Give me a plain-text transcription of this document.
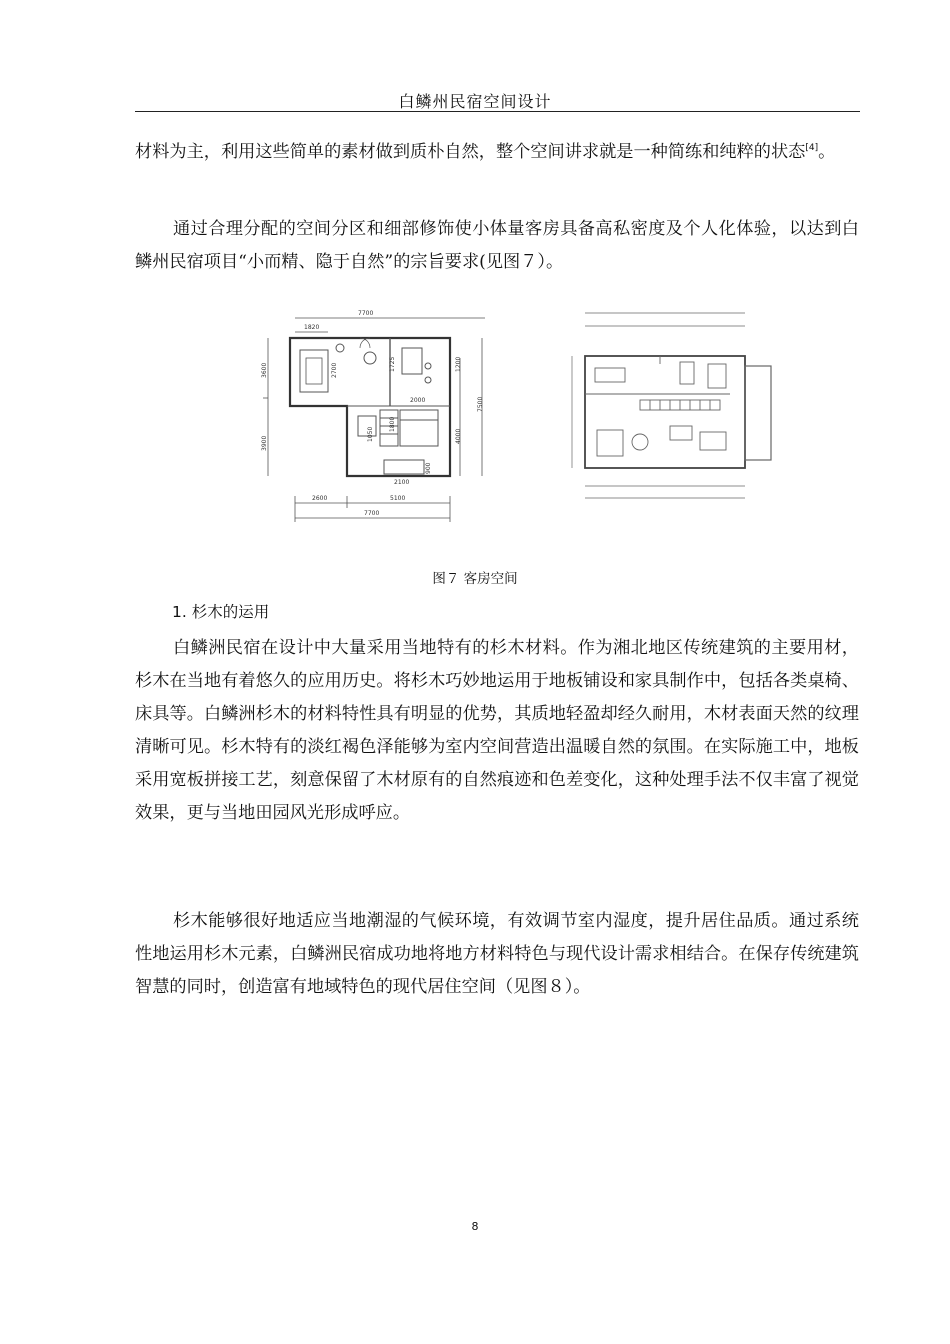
白鳞州民宿空间设计

材料为主，利用这些简单的素材做到质朴自然，整个空间讲求就是一种简练和纯粹的状态[4]。

通过合理分配的空间分区和细部修饰使小体量客房具备高私密度及个人化体验，以达到白鳞州民宿项目“小而精、隐于自然”的宗旨要求(见图７）。

7700
1820
3600
3900
2700	1725	1200
2000	7500
4000
1800
1050
900
2100
2600	5100
7700
图７ 客房空间
1. 杉木的运用

白鳞洲民宿在设计中大量采用当地特有的杉木材料。作为湘北地区传统建筑的主要用材，杉木在当地有着悠久的应用历史。将杉木巧妙地运用于地板铺设和家具制作中，包括各类桌椅、床具等。白鳞洲杉木的材料特性具有明显的优势，其质地轻盈却经久耐用，木材表面天然的纹理清晰可见。杉木特有的淡红褐色泽能够为室内空间营造出温暖自然的氛围。在实际施工中，地板采用宽板拼接工艺，刻意保留了木材原有的自然痕迹和色差变化，这种处理手法不仅丰富了视觉效果，更与当地田园风光形成呼应。

杉木能够很好地适应当地潮湿的气候环境，有效调节室内湿度，提升居住品质。通过系统性地运用杉木元素，白鳞洲民宿成功地将地方材料特色与现代设计需求相结合。在保存传统建筑智慧的同时，创造富有地域特色的现代居住空间（见图８）。

8
